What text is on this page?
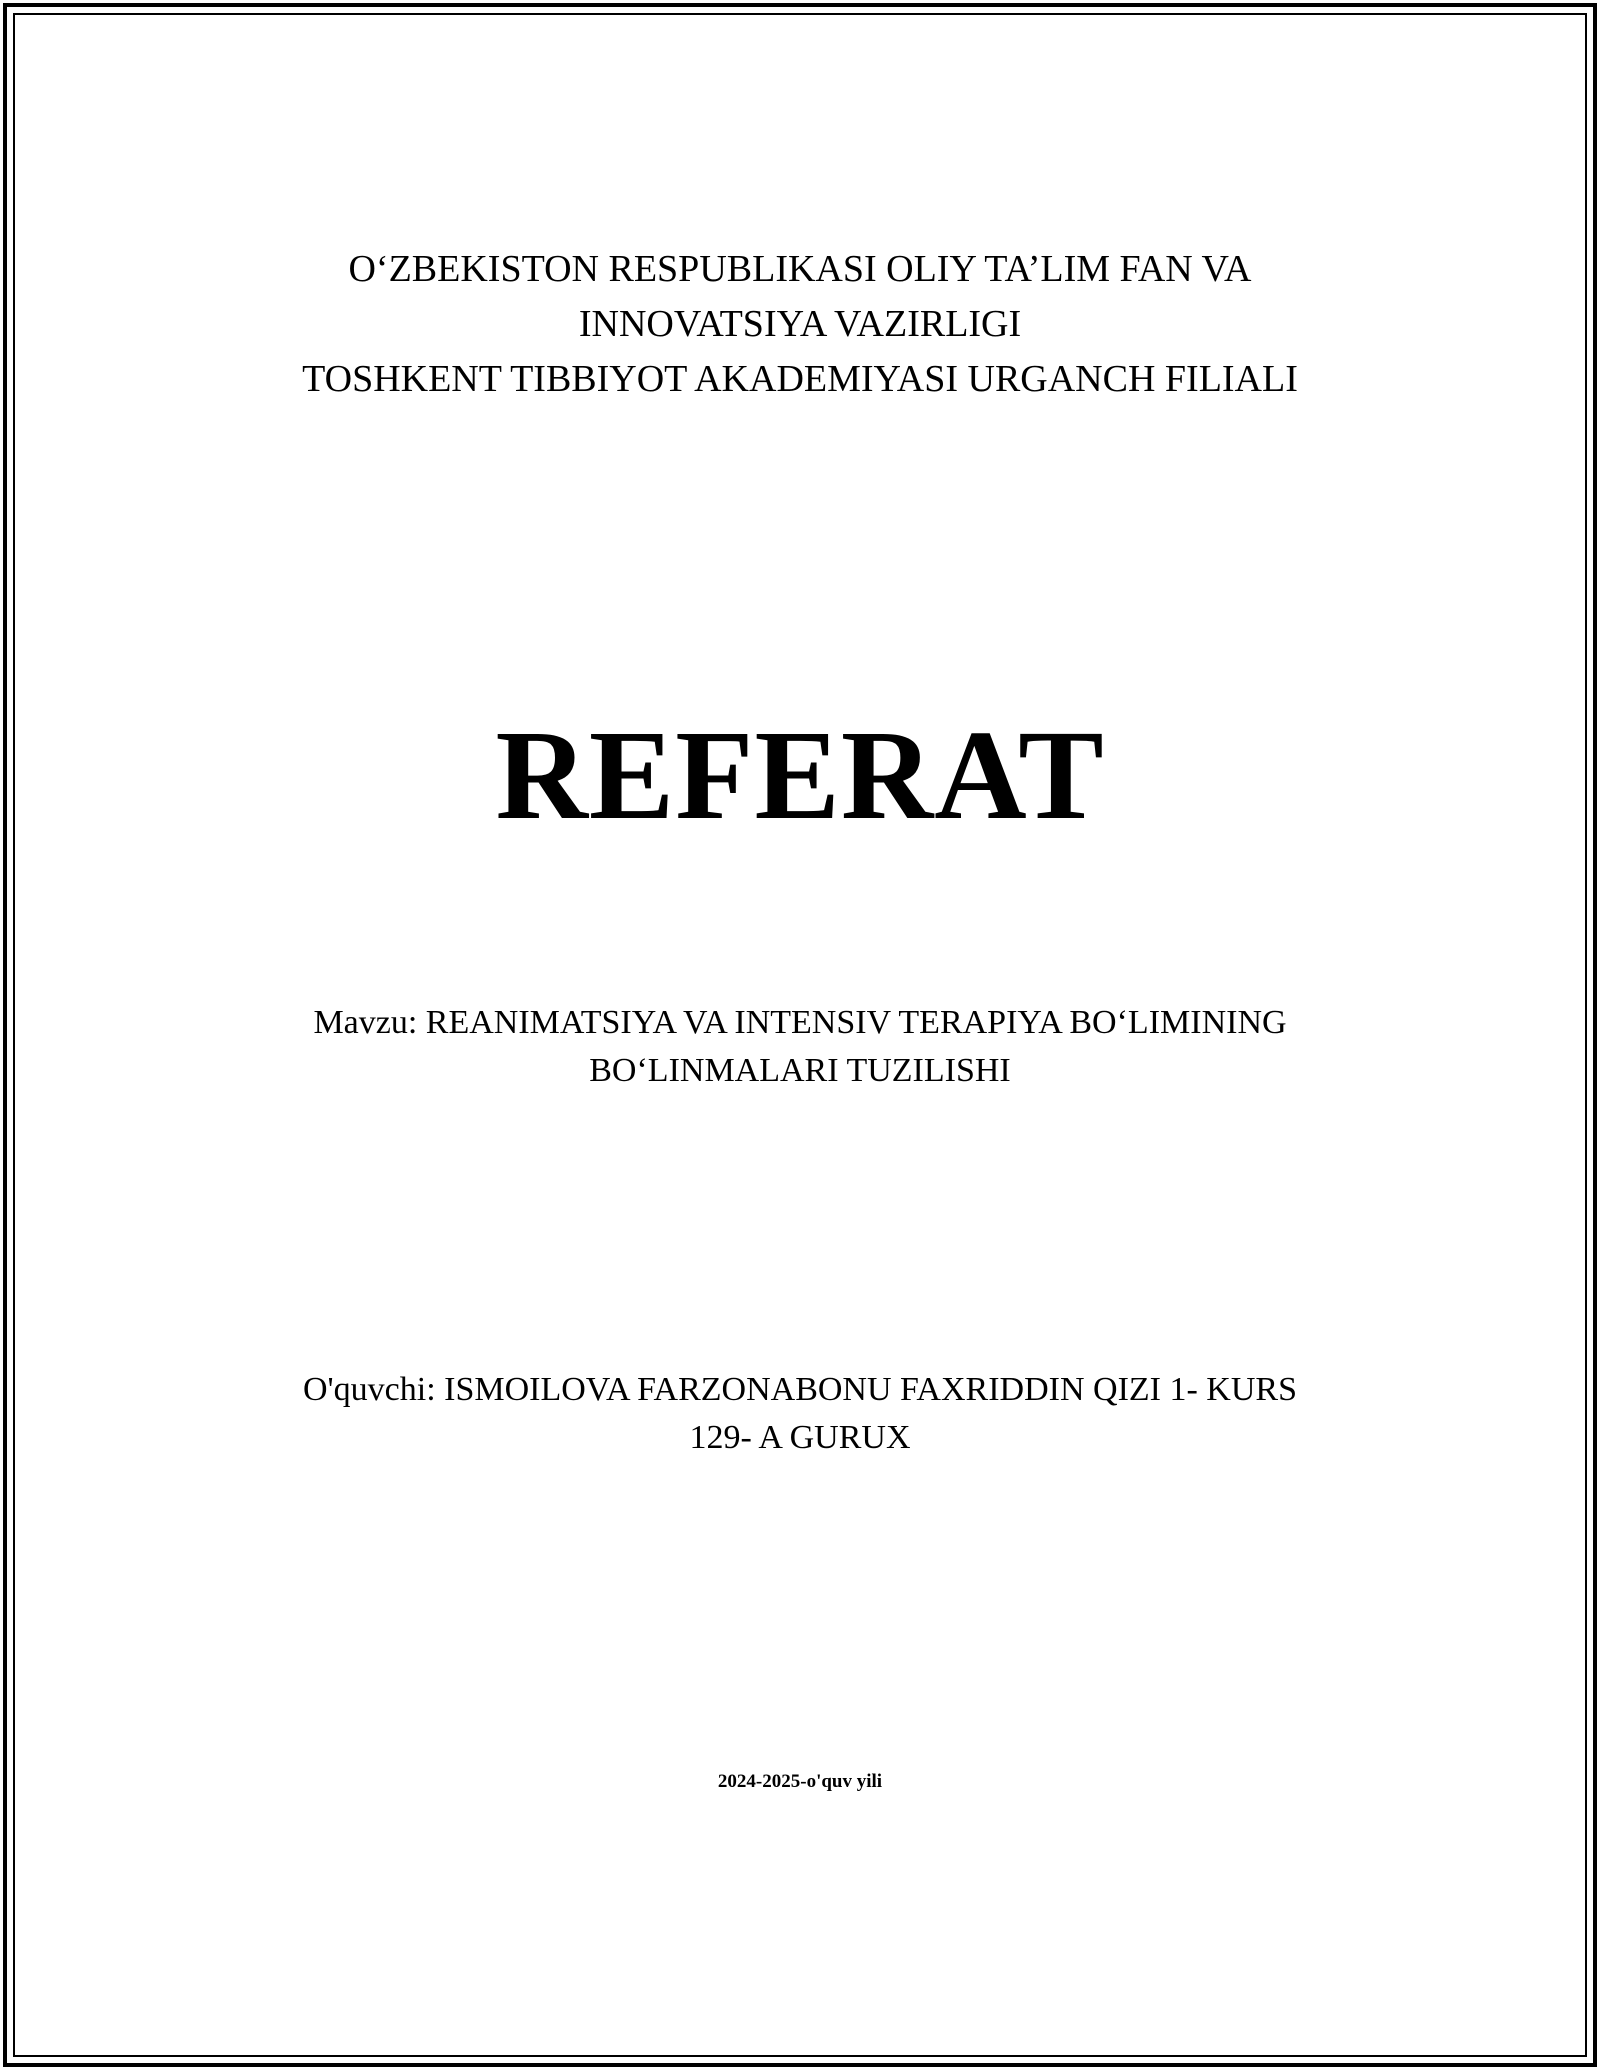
O‘ZBEKISTON RESPUBLIKASI OLIY TA’LIM FAN VA
INNOVATSIYA VAZIRLIGI
TOSHKENT TIBBIYOT AKADEMIYASI URGANCH FILIALI
REFERAT
Mavzu: REANIMATSIYA VA INTENSIV TERAPIYA BO‘LIMINING
BO‘LINMALARI TUZILISHI
O'quvchi: ISMOILOVA FARZONABONU FAXRIDDIN QIZI 1- KURS
129- A GURUX
2024-2025-o'quv yili
